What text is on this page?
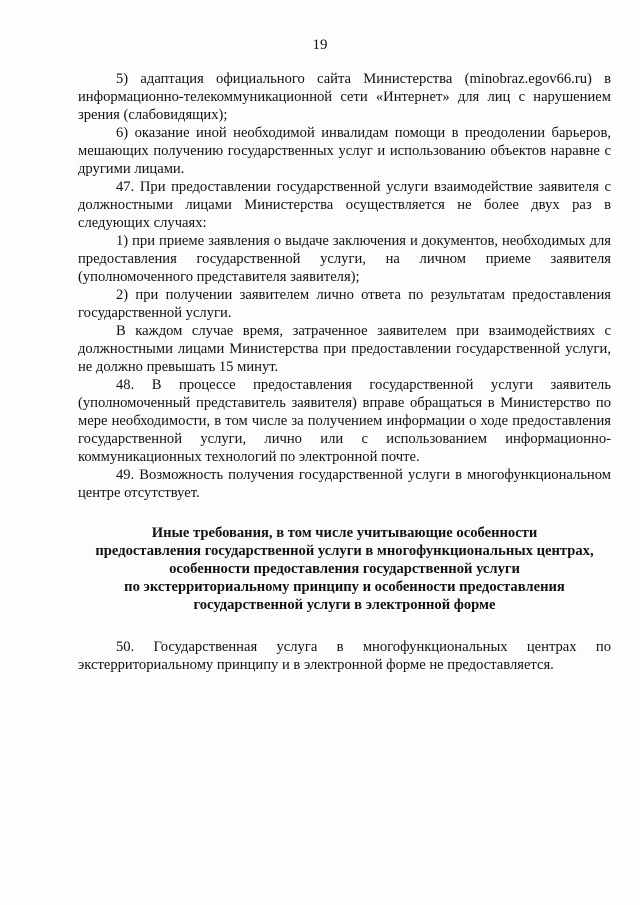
19

5) адаптация официального сайта Министерства (minobraz.egov66.ru) в информационно-телекоммуникационной сети «Интернет» для лиц с нарушением зрения (слабовидящих);

6) оказание иной необходимой инвалидам помощи в преодолении барьеров, мешающих получению государственных услуг и использованию объектов наравне с другими лицами.

47. При предоставлении государственной услуги взаимодействие заявителя с должностными лицами Министерства осуществляется не более двух раз в следующих случаях:

1) при приеме заявления о выдаче заключения и документов, необходимых для предоставления государственной услуги, на личном приеме заявителя (уполномоченного представителя заявителя);

2) при получении заявителем лично ответа по результатам предоставления государственной услуги.

В каждом случае время, затраченное заявителем при взаимодействиях с должностными лицами Министерства при предоставлении государственной услуги, не должно превышать 15 минут.

48. В процессе предоставления государственной услуги заявитель (уполномоченный представитель заявителя) вправе обращаться в Министерство по мере необходимости, в том числе за получением информации о ходе предоставления государственной услуги, лично или с использованием информационно-коммуникационных технологий по электронной почте.

49. Возможность получения государственной услуги в многофункциональном центре отсутствует.

Иные требования, в том числе учитывающие особенности
предоставления государственной услуги в многофункциональных центрах,
особенности предоставления государственной услуги
по экстерриториальному принципу и особенности предоставления
государственной услуги в электронной форме

50. Государственная услуга в многофункциональных центрах по экстерриториальному принципу и в электронной форме не предоставляется.
